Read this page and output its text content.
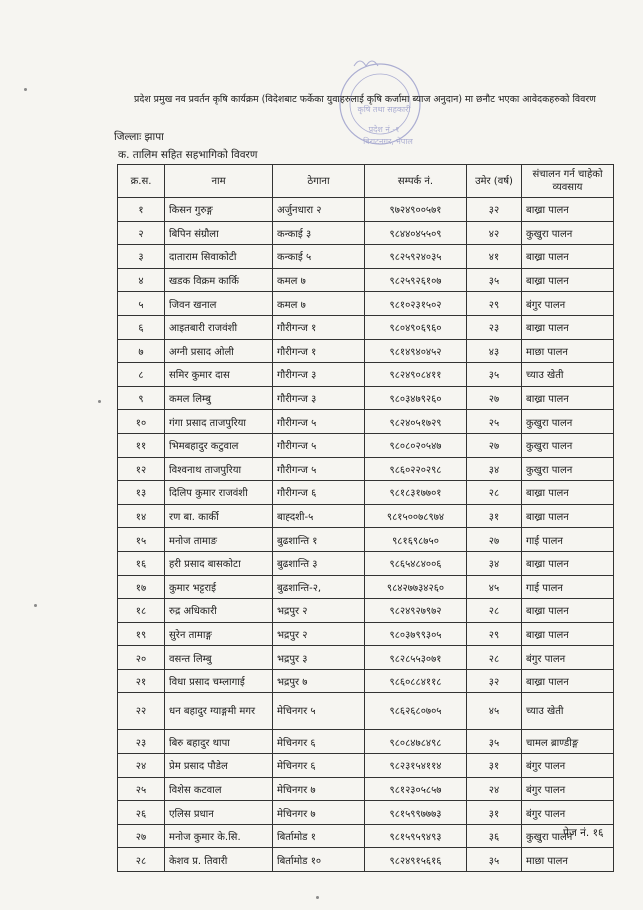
कृषि तथा सहकारी
प्रदेश नं.-१
विराटनगर, नेपाल
प्रदेश प्रमुख नव प्रवर्तन कृषि कार्यक्रम (विदेशबाट फर्केका युवाहरुलाई कृषि कर्जामा ब्याज अनुदान) मा छनौट भएका आवेदकहरुको विवरण
जिल्लाः झापा
क. तालिम सहित सहभागिको विवरण
क्र.स.	नाम	ठेगाना	सम्पर्क नं.	उमेर (वर्ष)	संचालन गर्न चाहेको व्यवसाय
१	किसन गुरुङ्ग	अर्जुनधारा २	९७२४९००५७१	३२	बाख्रा पालन
२	बिपिन संग्रौला	कन्काई ३	९८४४०४५५०९	४२	कुखुरा पालन
३	दाताराम सिवाकोटी	कन्काई ५	९८२५९२४०३५	४१	बाख्रा पालन
४	खडक विक्रम कार्कि	कमल ७	९८२५९२६१०७	३५	बाख्रा पालन
५	जिवन खनाल	कमल ७	९८१०२३१५०२	२९	बंगुर पालन
६	आइतबारी राजवंशी	गौरीगन्ज १	९८०४९०६९६०	२३	बाख्रा पालन
७	अग्नी प्रसाद ओली	गौरीगन्ज १	९८१४९४०४५२	४३	माछा पालन
८	समिर कुमार दास	गौरीगन्ज ३	९८२४९०८४११	३५	च्याउ खेती
९	कमल लिम्बु	गौरीगन्ज ३	९८०३४७९२६०	२७	बाख्रा पालन
१०	गंगा प्रसाद ताजपुरिया	गौरीगन्ज ५	९८२४०५१७२९	२५	कुखुरा पालन
११	भिमबहादुर कटुवाल	गौरीगन्ज ५	९८०८०२०५४७	२७	कुखुरा पालन
१२	विश्वनाथ ताजपुरिया	गौरीगन्ज ५	९८६०२२०२९८	३४	कुखुरा पालन
१३	दिलिप कुमार राजवंशी	गौरीगन्ज ६	९८१८३१७७०१	२८	बाख्रा पालन
१४	रण बा. कार्की	बाह्दशी-५	९८१५००७८९७४	३१	बाख्रा पालन
१५	मनोज तामाङ	बुढशान्ति १	९८१६९८७५०	२७	गाई पालन
१६	हरी प्रसाद बासकोटा	बुढशान्ति ३	९८६५४८४००६	३४	बाख्रा पालन
१७	कुमार भट्टराई	बुढशान्ति-२,	९८४२७७३४२६०	४५	गाई पालन
१८	रुद्र अधिकारी	भद्रपुर २	९८२४९२७९७२	२८	बाख्रा पालन
१९	सुरेन तामाङ्ग	भद्रपुर २	९८०३७९९३०५	२९	बाख्रा पालन
२०	वसन्त लिम्बु	भद्रपुर ३	९८२८५५३०७१	२८	बंगुर पालन
२१	विधा प्रसाद चम्लागाई	भद्रपुर ७	९८६०८८४११८	३२	बाख्रा पालन
२२	धन बहादुर ग्याङ्गमी मगर	मेचिनगर ५	९८६२६८०७०५	४५	च्याउ खेती
२३	बिरु बहादुर थापा	मेचिनगर ६	९८०८४७८४९८	३५	चामल ब्राण्डीङ्ग
२४	प्रेम प्रसाद पौडेल	मेचिनगर ६	९८२३१५४११४	३१	बंगुर पालन
२५	विशेस कटवाल	मेचिनगर ७	९८१२३०५८५७	२४	बंगुर पालन
२६	एलिस प्रधान	मेचिनगर ७	९८१५९९७७७३	३१	बंगुर पालन
२७	मनोज कुमार के.सि.	बिर्तामोड १	९८१५९५९४९३	३६	कुखुरा पालन
२८	केशव प्र. तिवारी	बिर्तामोड १०	९८२४९१५६१६	३५	माछा पालन
पेज नं. १६
